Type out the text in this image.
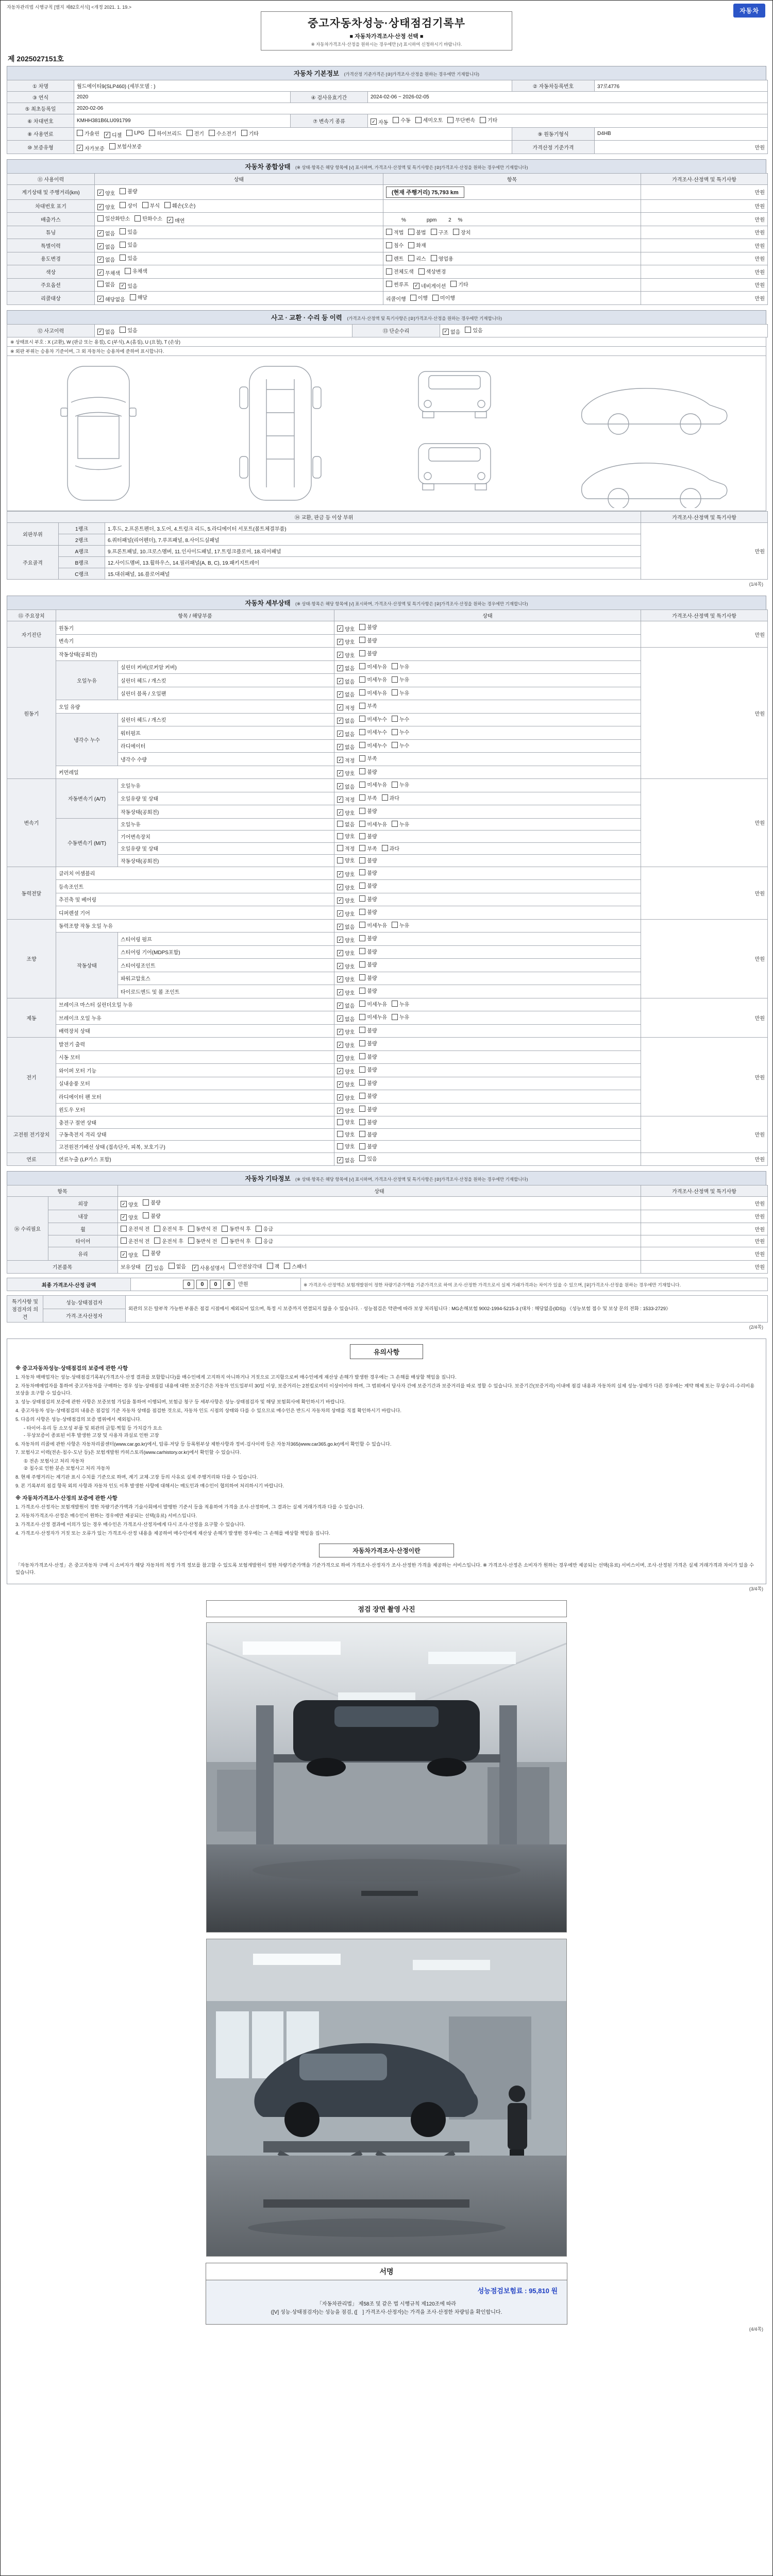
자동차관리법 시행규칙 [별지 제82호서식] <개정 2021. 1. 19.>	자동차
중고자동차성능·상태점검기록부
■ 자동차가격조사·산정 선택 ■
※ 자동차가격조사·산정을 원하시는 경우에만 [√] 표시하여 신청하시기 바랍니다.
제 2025027151호
자동차 기본정보 (가격산정 기준가격은 [②]가격조사·산정을 원하는 경우에만 기재합니다)
① 차명	월드에이티9(SLP460) (세부모델 : )			② 자동차등록번호	37로4776
③ 연식	2020	④ 검사유효기간	2024-02-06 ~ 2026-02-05		
⑤ 최초등록일	2020-02-06				
⑥ 차대번호	KMHH381B6LU091799	⑦ 변속기 종류	✓ 자동 수동 세미오토 무단변속 기타

⑧ 사용연료	가솔린 ✓ 디젤 LPG 하이브리드 전기 수소전기 기타	⑨ 원동기형식	D4HB
⑩ 보증유형	✓ 자가보증 보험사보증			가격산정 기준가격	만원
자동차 종합상태 (※ 상태·항목은 해당 항목에 [√] 표시하며, 가격조사·산정액 및 특기사항은 [②]가격조사·산정을 원하는 경우에만 기재합니다)
⑪ 사용이력	상태	항목	가격조사·산정액 및 특기사항
계기상태 및 주행거리(km)	✓ 양호 불량	(현재 주행거리) 75,793 km	만원
차대번호 표기	✓ 양호 상이 부식 훼손(오손)		만원
배출가스	일산화탄소 탄화수소 ✓ 매연	　　　%　　　　ppm　　 2 　%	만원
튜닝	✓ 없음 있음	적법 불법 구조 장치	만원
특별이력	✓ 없음 있음	침수 화재	만원
용도변경	✓ 없음 있음	렌트 리스 영업용	만원
색상	✓ 무채색 유채색	전체도색 색상변경	만원
주요옵션	없음 ✓ 있음	썬루프 ✓ 네비게이션 기타	만원
리콜대상	✓ 해당없음 해당	리콜이행 이행 미이행	만원
사고 · 교환 · 수리 등 이력 (가격조사·산정액 및 특기사항은 [②]가격조사·산정을 원하는 경우에만 기재합니다)
⑫ 사고이력	✓ 없음 있음	⑬ 단순수리	✓ 없음 있음
※ 상태표시 부호 : X (교환), W (판금 또는 용접), C (부식), A (흠집), U (요철), T (손상)
※ 외판 부위는 승용차 기준이며, 그 외 자동차는 승용차에 준하여 표시합니다.
⑭ 교환, 판금 등 이상 부위			가격조사·산정액 및 특기사항
외판부위	1랭크	1.후드, 2.프론트펜더, 3.도어, 4.트렁크 리드, 5.라디에이터 서포트(볼트체결부품)	만원
	2랭크	6.쿼터패널(리어펜더), 7.루프패널, 8.사이드실패널	
주요골격	A랭크	9.프론트패널, 10.크로스멤버, 11.인사이드패널, 17.트렁크플로어, 18.리어패널	
	B랭크	12.사이드멤버, 13.휠하우스, 14.필러패널(A, B, C), 19.패키지트레이	
	C랭크	15.대쉬패널, 16.플로어패널	
(1/4쪽)
자동차 세부상태 (※ 상태·항목은 해당 항목에 [√] 표시하며, 가격조사·산정액 및 특기사항은 [②]가격조사·산정을 원하는 경우에만 기재합니다)
⑮ 주요장치	항목 / 해당부품		상태	가격조사·산정액 및 특기사항
자기진단	원동기		✓ 양호 불량	만원
	변속기		✓ 양호 불량	

원동기	작동상태(공회전)		✓ 양호 불량	만원
	오일누유	실린더 커버(로커암 커버)	✓ 없음 미세누유 누유	

		실린더 헤드 / 개스킷	✓ 없음 미세누유 누유	

		실린더 블록 / 오일팬	✓ 없음 미세누유 누유	

	오일 유량		✓ 적정 부족	

	냉각수 누수	실린더 헤드 / 개스킷	✓ 없음 미세누수 누수	

		워터펌프	✓ 없음 미세누수 누수	

		라디에이터	✓ 없음 미세누수 누수	

		냉각수 수량	✓ 적정 부족	

	커먼레일		✓ 양호 불량	

변속기	자동변속기 (A/T)	오일누유	✓ 없음 미세누유 누유	만원
		오일유량 및 상태	✓ 적정 부족 과다	

		작동상태(공회전)	✓ 양호 불량	

	수동변속기 (M/T)	오일누유	없음 미세누유 누유	

		기어변속장치	양호 불량	

		오일유량 및 상태	적정 부족 과다	

		작동상태(공회전)	양호 불량	

동력전달	클러치 어셈블리		✓ 양호 불량	만원
	등속조인트		✓ 양호 불량	

	추진축 및 베어링		✓ 양호 불량	

	디퍼렌셜 기어		✓ 양호 불량	

조향	동력조향 작동 오일 누유		✓ 없음 미세누유 누유	만원
	작동상태	스티어링 펌프	✓ 양호 불량	

		스티어링 기어(MDPS포함)	✓ 양호 불량	

		스티어링조인트	✓ 양호 불량	

		파워고압호스	✓ 양호 불량	

		타이로드엔드 및 볼 조인트	✓ 양호 불량	

제동	브레이크 마스터 실린더오일 누유		✓ 없음 미세누유 누유	만원
	브레이크 오일 누유		✓ 없음 미세누유 누유	

	배력장치 상태		✓ 양호 불량	

전기	발전기 출력		✓ 양호 불량	만원
	시동 모터		✓ 양호 불량	

	와이퍼 모터 기능		✓ 양호 불량	

	실내송풍 모터		✓ 양호 불량	

	라디에이터 팬 모터		✓ 양호 불량	

	윈도우 모터		✓ 양호 불량	

고전원 전기장치	충전구 절연 상태		양호 불량	만원
	구동축전지 격리 상태		양호 불량	

	고전원전기배선 상태 (접속단자, 피복, 보호기구)		양호 불량	

연료	연료누출 (LP가스 포함)		✓ 없음 있음	만원
자동차 기타정보 (※ 상태·항목은 해당 항목에 [√] 표시하며, 가격조사·산정액 및 특기사항은 [②]가격조사·산정을 원하는 경우에만 기재합니다)
항목		상태	가격조사·산정액 및 특기사항
⑯ 수리필요	외장	✓ 양호 불량	만원
	내장	✓ 양호 불량	만원
	휠	운전석 전 운전석 후 동반석 전 동반석 후 응급	만원
	타이어	운전석 전 운전석 후 동반석 전 동반석 후 응급	만원
	유리	✓ 양호 불량	만원
기본품목	보유상태 ✓ 있음 없음
✓ 사용설명서 안전삼각대 잭 스패너	만원
최종 가격조사·산정 금액	0 0 0 0 만원	※ 가격조사·산정액은 보험개발원이 정한 차량기준가액을 기준가격으로 하여 조사·산정한 가격으로서 실제 거래가격과는 차이가 있을 수 있으며, [②]가격조사·산정을 원하는 경우에만 기재합니다.
특기사항 및 점검자의 의견	성능·상태점검자	외관의 모든 탈부착 가능한 부품은 점검 시점에서 제외되어 있으며, 특정 시 보증까지 연결되지 않을 수 있습니다. · 성능점검은 약관에 따라 보상 처리됩니다 : MG손해보험 9002-1994-5215-3 (대차 : 해당없음(IDS)) 《성능보험 접수 및 보상 문의 전화 : 1533-2729》
가격·조사산정자
(2/4쪽)
유의사항
※ 중고자동차성능·상태점검의 보증에 관한 사항
1. 자동차 매매업자는 성능·상태점검기록부(가격조사·산정 결과를 포함합니다)를 매수인에게 고지하지 아니하거나 거짓으로 고지함으로써 매수인에게 재산상 손해가 발생한 경우에는 그 손해를 배상할 책임을 집니다.
2. 자동차매매업자를 통하여 중고자동차를 구매하는 경우 성능·상태점검 내용에 대한 보증기간은 자동차 인도일부터 30일 이상, 보증거리는 2천킬로미터 이상이어야 하며, 그 범위에서 당사자 간에 보증기간과 보증거리를 따로 정할 수 있습니다. 보증기간(보증거리) 이내에 점검 내용과 자동차의 실제 성능·상태가 다른 경우에는 계약 해제 또는 무상수리·수리비용 보상을 요구할 수 있습니다.
3. 성능·상태점검의 보증에 관한 사항은 보증보험 가입을 통하여 이행되며, 보험금 청구 등 세부사항은 성능·상태점검자 및 해당 보험회사에 확인하시기 바랍니다.
4. 중고자동차 성능·상태점검의 내용은 점검일 기준 자동차 상태를 점검한 것으로, 자동차 인도 시점의 상태와 다를 수 있으므로 매수인은 반드시 자동차의 상태를 직접 확인하시기 바랍니다.
5. 다음의 사항은 성능·상태점검의 보증 범위에서 제외됩니다.
- 타이어·유리 등 소모성 부품 및 외관의 긁힘·찍힘 등 가치감가 요소
- 무상보증이 종료된 이후 발생한 고장 및 사용자 과실로 인한 고장
6. 자동차의 리콜에 관한 사항은 자동차리콜센터(www.car.go.kr)에서, 압류·저당 등 등록원부상 제한사항과 정비·검사이력 등은 자동차365(www.car365.go.kr)에서 확인할 수 있습니다.
7. 보험사고 이력(전손·침수·도난 등)은 보험개발원 카히스토리(www.carhistory.or.kr)에서 확인할 수 있습니다.
① 전손 보험사고 처리 자동차
② 침수로 인한 분손 보험사고 처리 자동차
8. 현재 주행거리는 계기판 표시 수치를 기준으로 하며, 계기 교체·고장 등의 사유로 실제 주행거리와 다를 수 있습니다.
9. 본 기록부의 점검 항목 외의 사항과 자동차 인도 이후 발생한 사항에 대해서는 매도인과 매수인이 협의하여 처리하시기 바랍니다.
※ 자동차가격조사·산정의 보증에 관한 사항
1. 가격조사·산정자는 보험개발원이 정한 차량기준가액과 기술사회에서 발행한 기준서 등을 적용하여 가격을 조사·산정하며, 그 결과는 실제 거래가격과 다를 수 있습니다.
2. 자동차가격조사·산정은 매수인이 원하는 경우에만 제공되는 선택(유료) 서비스입니다.
3. 가격조사·산정 결과에 이의가 있는 경우 매수인은 가격조사·산정자에게 다시 조사·산정을 요구할 수 있습니다.
4. 가격조사·산정자가 거짓 또는 오류가 있는 가격조사·산정 내용을 제공하여 매수인에게 재산상 손해가 발생한 경우에는 그 손해를 배상할 책임을 집니다.
자동차가격조사·산정이란
「자동차가격조사·산정」은 중고자동차 구매 시 소비자가 해당 자동차의 적정 가격 정보를 참고할 수 있도록 보험개발원이 정한 차량기준가액을 기준가격으로 하여 가격조사·산정자가 조사·산정한 가격을 제공하는 서비스입니다. ※ 가격조사·산정은 소비자가 원하는 경우에만 제공되는 선택(유료) 서비스이며, 조사·산정된 가격은 실제 거래가격과 차이가 있을 수 있습니다.
(3/4쪽)
점검 장면 촬영 사진
서명
성능점검보험료 : 95,810 원
「자동차관리법」 제58조 및 같은 법 시행규칙 제120조에 따라
([V] 성능·상태점검자)는 성능을 점검, ([　] 가격조사·산정자)는 가격을 조사·산정한 차량임을 확인합니다.
(4/4쪽)
